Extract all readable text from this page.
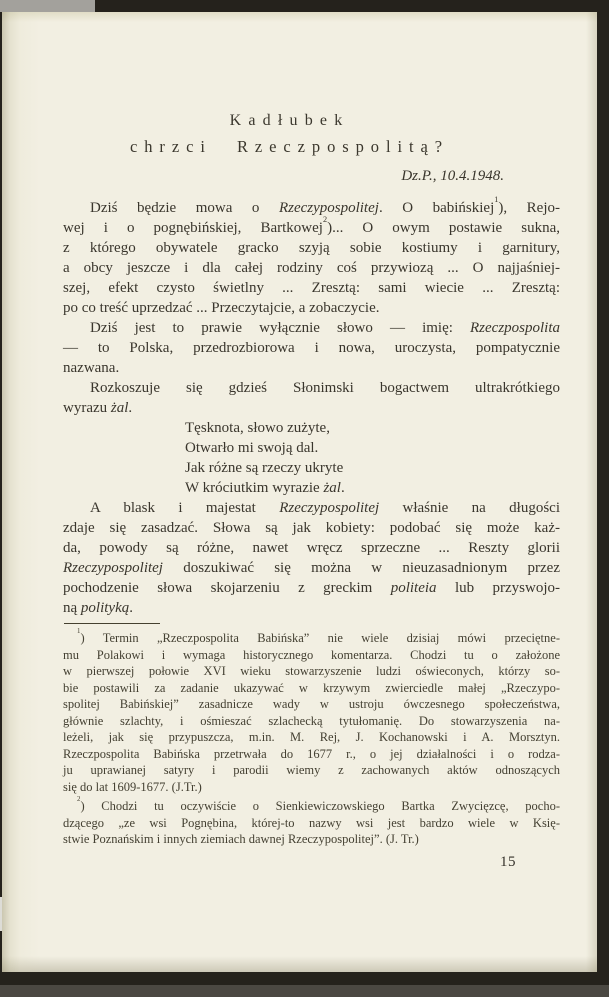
Kadłubek
chrzci Rzeczpospolitą?
Dz.P., 10.4.1948.
Dziś będzie mowa o Rzeczypospolitej. O babińskiej$^1$), Rejo-
wej i o pognębińskiej, Bartkowej$^2$)... O owym postawie sukna,
z którego obywatele gracko szyją sobie kostiumy i garnitury,
a obcy jeszcze i dla całej rodziny coś przywiozą ... O najjaśniej-
szej, efekt czysto świetlny ... Zresztą: sami wiecie ... Zresztą:
po co treść uprzedzać ... Przeczytajcie, a zobaczycie.
Dziś jest to prawie wyłącznie słowo — imię: Rzeczpospolita
— to Polska, przedrozbiorowa i nowa, uroczysta, pompatycznie
nazwana.
Rozkoszuje się gdzieś Słonimski bogactwem ultrakrótkiego
wyrazu żal.
Tęsknota, słowo zużyte,
Otwarło mi swoją dal.
Jak różne są rzeczy ukryte
W króciutkim wyrazie żal.
A blask i majestat Rzeczypospolitej właśnie na długości
zdaje się zasadzać. Słowa są jak kobiety: podobać się może każ-
da, powody są różne, nawet wręcz sprzeczne ... Reszty glorii
Rzeczypospolitej doszukiwać się można w nieuzasadnionym przez
pochodzenie słowa skojarzeniu z greckim politeia lub przyswojo-
ną polityką.
$^1$) Termin „Rzeczpospolita Babińska” nie wiele dzisiaj mówi przeciętne-
mu Polakowi i wymaga historycznego komentarza. Chodzi tu o założone
w pierwszej połowie XVI wieku stowarzyszenie ludzi oświeconych, którzy so-
bie postawili za zadanie ukazywać w krzywym zwierciedle małej „Rzeczypo-
spolitej Babińskiej” zasadnicze wady w ustroju ówczesnego społeczeństwa,
głównie szlachty, i ośmieszać szlachecką tytułomanię. Do stowarzyszenia na-
leżeli, jak się przypuszcza, m.in. M. Rej, J. Kochanowski i A. Morsztyn.
Rzeczpospolita Babińska przetrwała do 1677 r., o jej działalności i o rodza-
ju uprawianej satyry i parodii wiemy z zachowanych aktów odnoszących
się do lat 1609-1677. (J.Tr.)
$^2$) Chodzi tu oczywiście o Sienkiewiczowskiego Bartka Zwycięzcę, pocho-
dzącego „ze wsi Pognębina, której-to nazwy wsi jest bardzo wiele w Księ-
stwie Poznańskim i innych ziemiach dawnej Rzeczypospolitej”. (J. Tr.)
15
